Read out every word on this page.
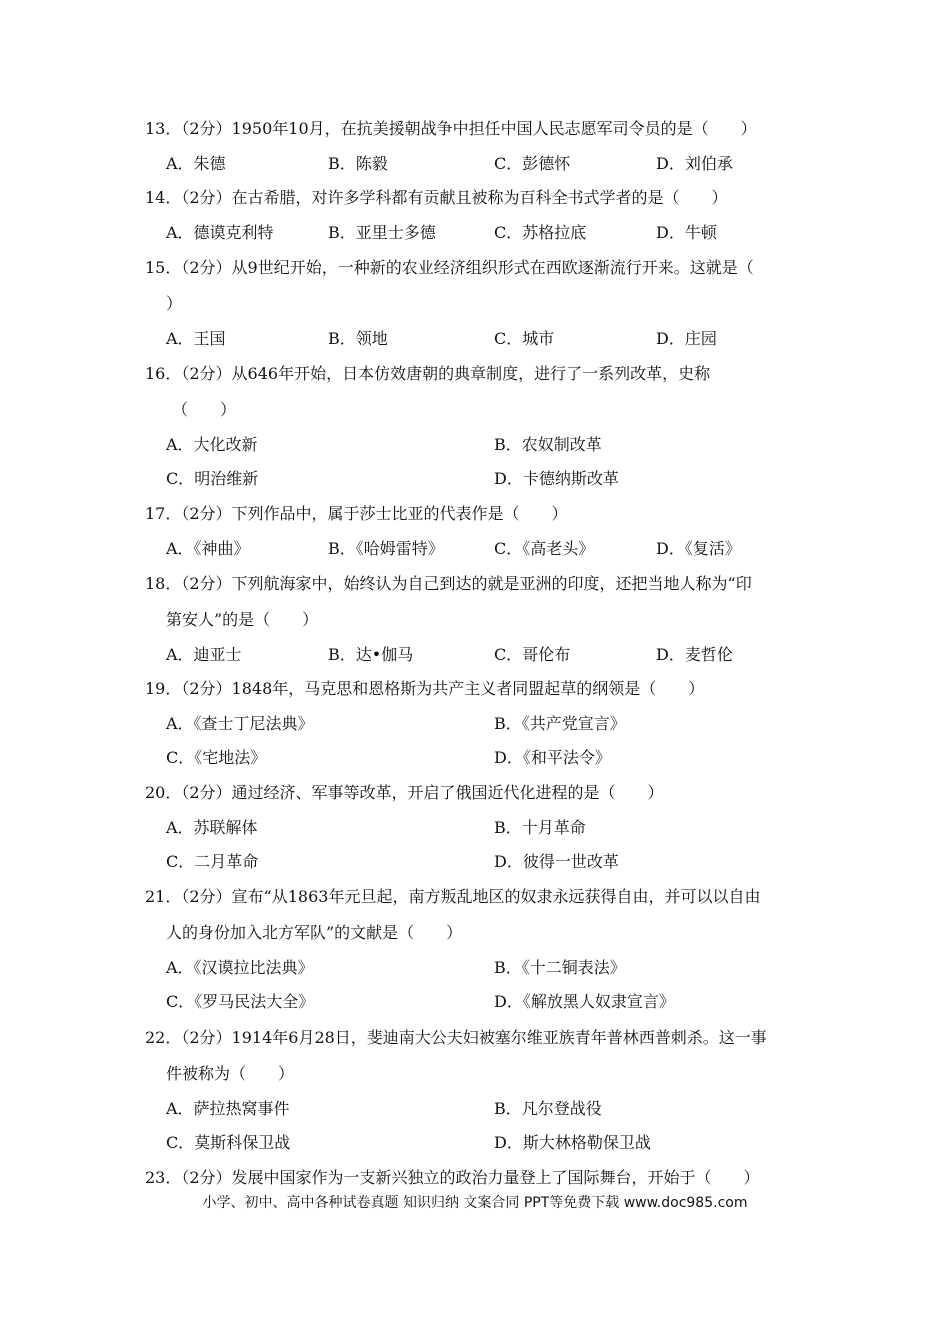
13．（2分）1950年10月，在抗美援朝战争中担任中国人民志愿军司令员的是（　　）
A．朱德	B．陈毅	C．彭德怀	D．刘伯承
14．（2分）在古希腊，对许多学科都有贡献且被称为百科全书式学者的是（　　）
A．德谟克利特	B．亚里士多德	C．苏格拉底	D．牛顿
15．（2分）从9世纪开始，一种新的农业经济组织形式在西欧逐渐流行开来。这就是（
）
A．王国	B．领地	C．城市	D．庄园
16．（2分）从646年开始，日本仿效唐朝的典章制度，进行了一系列改革，史称
（　　）
A．大化改新	B．农奴制改革
C．明治维新	D．卡德纳斯改革
17．（2分）下列作品中，属于莎士比亚的代表作是（　　）
A．《神曲》	B．《哈姆雷特》	C．《高老头》	D．《复活》
18．（2分）下列航海家中，始终认为自己到达的就是亚洲的印度，还把当地人称为“印
第安人”的是（　　）
A．迪亚士	B．达•伽马	C．哥伦布	D．麦哲伦
19．（2分）1848年，马克思和恩格斯为共产主义者同盟起草的纲领是（　　）
A．《查士丁尼法典》	B．《共产党宣言》
C．《宅地法》	D．《和平法令》
20．（2分）通过经济、军事等改革，开启了俄国近代化进程的是（　　）
A．苏联解体	B．十月革命
C．二月革命	D．彼得一世改革
21．（2分）宣布“从1863年元旦起，南方叛乱地区的奴隶永远获得自由，并可以以自由
人的身份加入北方军队”的文献是（　　）
A．《汉谟拉比法典》	B．《十二铜表法》
C．《罗马民法大全》	D．《解放黑人奴隶宣言》
22．（2分）1914年6月28日，斐迪南大公夫妇被塞尔维亚族青年普林西普刺杀。这一事
件被称为（　　）
A．萨拉热窝事件	B．凡尔登战役
C．莫斯科保卫战	D．斯大林格勒保卫战
23．（2分）发展中国家作为一支新兴独立的政治力量登上了国际舞台，开始于（　　）
小学、初中、高中各种试卷真题 知识归纳 文案合同 PPT等免费下载 www.doc985.com
